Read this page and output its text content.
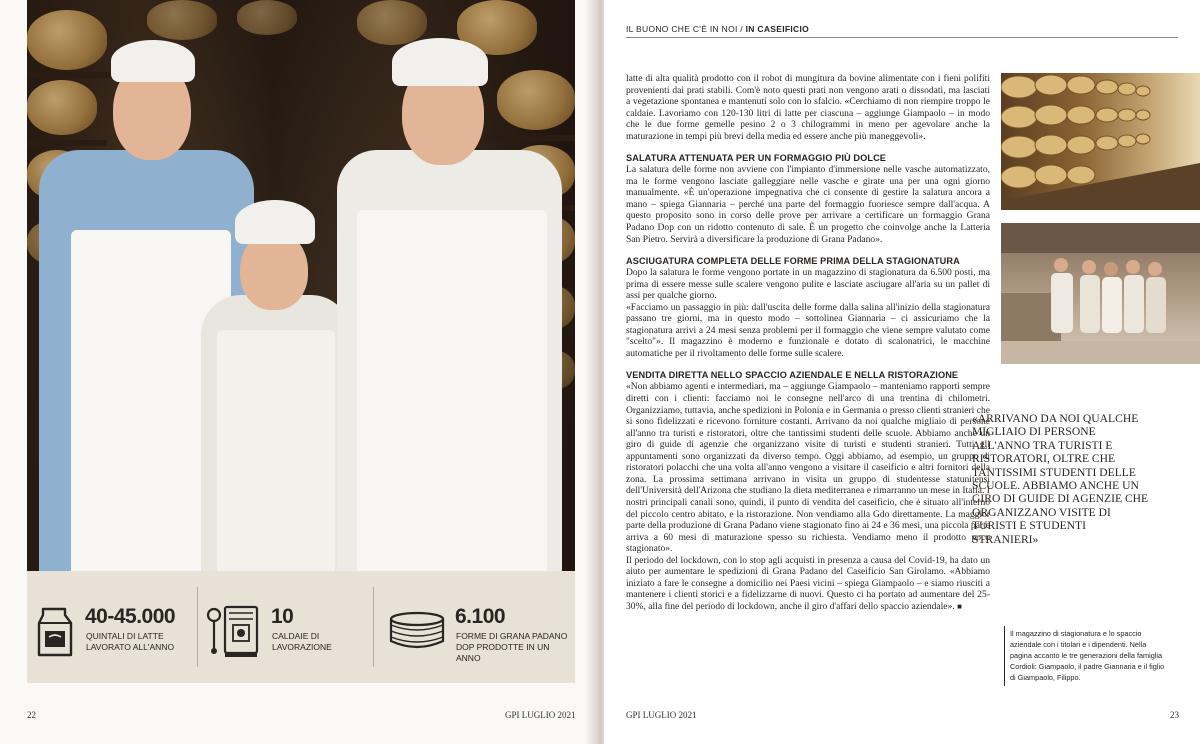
40-45.000
QUINTALI DI LATTE LAVORATO ALL'ANNO
10
CALDAIE DI LAVORAZIONE
6.100
FORME DI GRANA PADANO DOP PRODOTTE IN UN ANNO
22	GPI LUGLIO 2021
IL BUONO CHE C'È IN NOI / IN CASEIFICIO

latte di alta qualità prodotto con il robot di mungitura da bovine alimentate con i fieni polifiti provenienti dai prati stabili. Com'è noto questi prati non vengono arati o dissodati, ma lasciati a vegetazione spontanea e mantenuti solo con lo sfalcio. «Cerchiamo di non riempire troppo le caldaie. Lavoriamo con 120-130 litri di latte per ciascuna – aggiunge Giampaolo – in modo che le due forme gemelle pesino 2 o 3 chilogrammi in meno per agevolare anche la maturazione in tempi più brevi della media ed essere anche più maneggevoli».

SALATURA ATTENUATA PER UN FORMAGGIO PIÙ DOLCE

La salatura delle forme non avviene con l'impianto d'immersione nelle vasche automatizzato, ma le forme vengono lasciate galleggiare nelle vasche e girate una per una ogni giorno manualmente. «È un'operazione impegnativa che ci consente di gestire la salatura ancora a mano – spiega Giannaria – perché una parte del formaggio fuoriesce sempre dall'acqua. A questo proposito sono in corso delle prove per arrivare a certificare un formaggio Grana Padano Dop con un ridotto contenuto di sale. È un progetto che coinvolge anche la Latteria San Pietro. Servirà a diversificare la produzione di Grana Padano».

ASCIUGATURA COMPLETA DELLE FORME PRIMA DELLA STAGIONATURA

Dopo la salatura le forme vengono portate in un magazzino di stagionatura da 6.500 posti, ma prima di essere messe sulle scalere vengono pulite e lasciate asciugare all'aria su un pallet di assi per qualche giorno.

«Facciamo un passaggio in più: dall'uscita delle forme dalla salina all'inizio della stagionatura passano tre giorni, ma in questo modo – sottolinea Giannaria – ci assicuriamo che la stagionatura arrivi a 24 mesi senza problemi per il formaggio che viene sempre valutato come "scelto"». Il magazzino è moderno e funzionale e dotato di scalonatrici, le macchine automatiche per il rivoltamento delle forme sulle scalere.

VENDITA DIRETTA NELLO SPACCIO AZIENDALE E NELLA RISTORAZIONE

«Non abbiamo agenti e intermediari, ma – aggiunge Giampaolo – manteniamo rapporti sempre diretti con i clienti: facciamo noi le consegne nell'arco di una trentina di chilometri. Organizziamo, tuttavia, anche spedizioni in Polonia e in Germania o presso clienti stranieri che si sono fidelizzati e ricevono forniture costanti. Arrivano da noi qualche migliaio di persone all'anno tra turisti e ristoratori, oltre che tantissimi studenti delle scuole. Abbiamo anche un giro di guide di agenzie che organizzano visite di turisti e studenti stranieri. Tutti gli appuntamenti sono organizzati da diverso tempo. Oggi abbiamo, ad esempio, un gruppo di ristoratori polacchi che una volta all'anno vengono a visitare il caseificio e altri fornitori della zona. La prossima settimana arrivano in visita un gruppo di studentesse statunitensi dell'Università dell'Arizona che studiano la dieta mediterranea e rimarranno un mese in Italia. I nostri principali canali sono, quindi, il punto di vendita del caseificio, che è situato all'interno del piccolo centro abitato, e la ristorazione. Non vendiamo alla Gdo direttamente. La maggior parte della produzione di Grana Padano viene stagionato fino ai 24 e 36 mesi, una piccola parte arriva a 60 mesi di maturazione spesso su richiesta. Vendiamo meno il prodotto poco stagionato».

Il periodo del lockdown, con lo stop agli acquisti in presenza a causa del Covid-19, ha dato un aiuto per aumentare le spedizioni di Grana Padano del Caseificio San Girolamo. «Abbiamo iniziato a fare le consegne a domicilio nei Paesi vicini – spiega Giampaolo – e siamo riusciti a mantenere i clienti storici e a fidelizzarne di nuovi. Questo ci ha portato ad aumentare del 25-30%, alla fine del periodo di lockdown, anche il giro d'affari dello spaccio aziendale». ■

«ARRIVANO DA NOI QUALCHE MIGLIAIO DI PERSONE ALL'ANNO TRA TURISTI E RISTORATORI, OLTRE CHE TANTISSIMI STUDENTI DELLE SCUOLE. ABBIAMO ANCHE UN GIRO DI GUIDE DI AGENZIE CHE ORGANIZZANO VISITE DI TURISTI E STUDENTI STRANIERI»
Il magazzino di stagionatura e lo spaccio aziendale con i titolari e i dipendenti. Nella pagina accanto le tre generazioni della famiglia Cordioli: Giampaolo, il padre Giannaria e il figlio di Giampaolo, Filippo.
GPI LUGLIO 2021	23
